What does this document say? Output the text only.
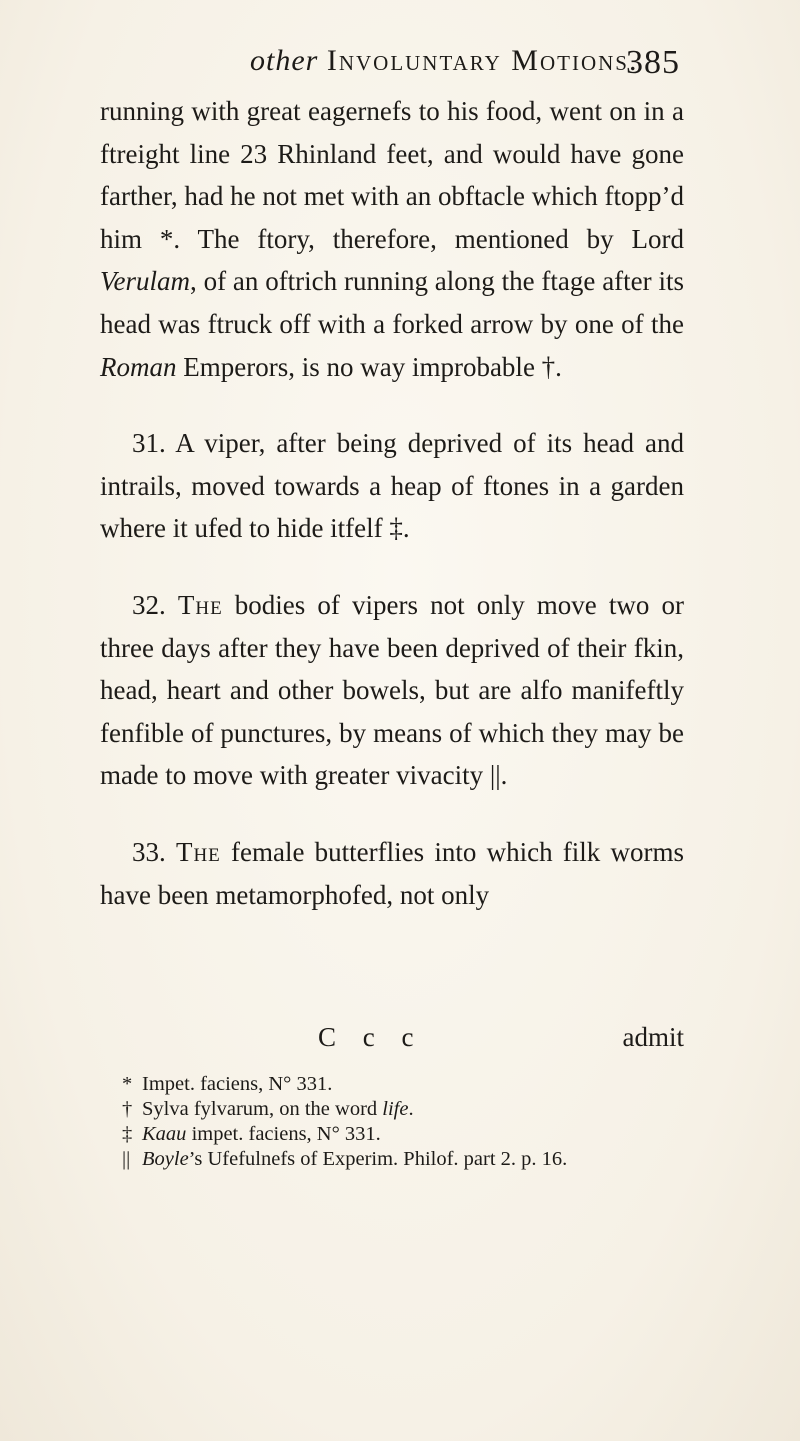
other Involuntary Motions.
385

running with great eagernefs to his food, went on in a ftreight line 23 Rhinland feet, and would have gone farther, had he not met with an obftacle which ftopp’d him *. The ftory, therefore, mentioned by Lord Verulam, of an oftrich running along the ftage after its head was ftruck off with a forked arrow by one of the Roman Emperors, is no way improbable †.

31. A viper, after being deprived of its head and intrails, moved towards a heap of ftones in a garden where it ufed to hide itfelf ‡.

32. The bodies of vipers not only move two or three days after they have been deprived of their fkin, head, heart and other bowels, but are alfo manifeftly fenfible of punctures, by means of which they may be made to move with greater vivacity ||.

33. The female butterflies into which filk worms have been metamorphofed, not only

C c c	admit
* Impet. faciens, N° 331.
† Sylva fylvarum, on the word life.
‡ Kaau impet. faciens, N° 331.
|| Boyle’s Ufefulnefs of Experim. Philof. part 2. p. 16.
